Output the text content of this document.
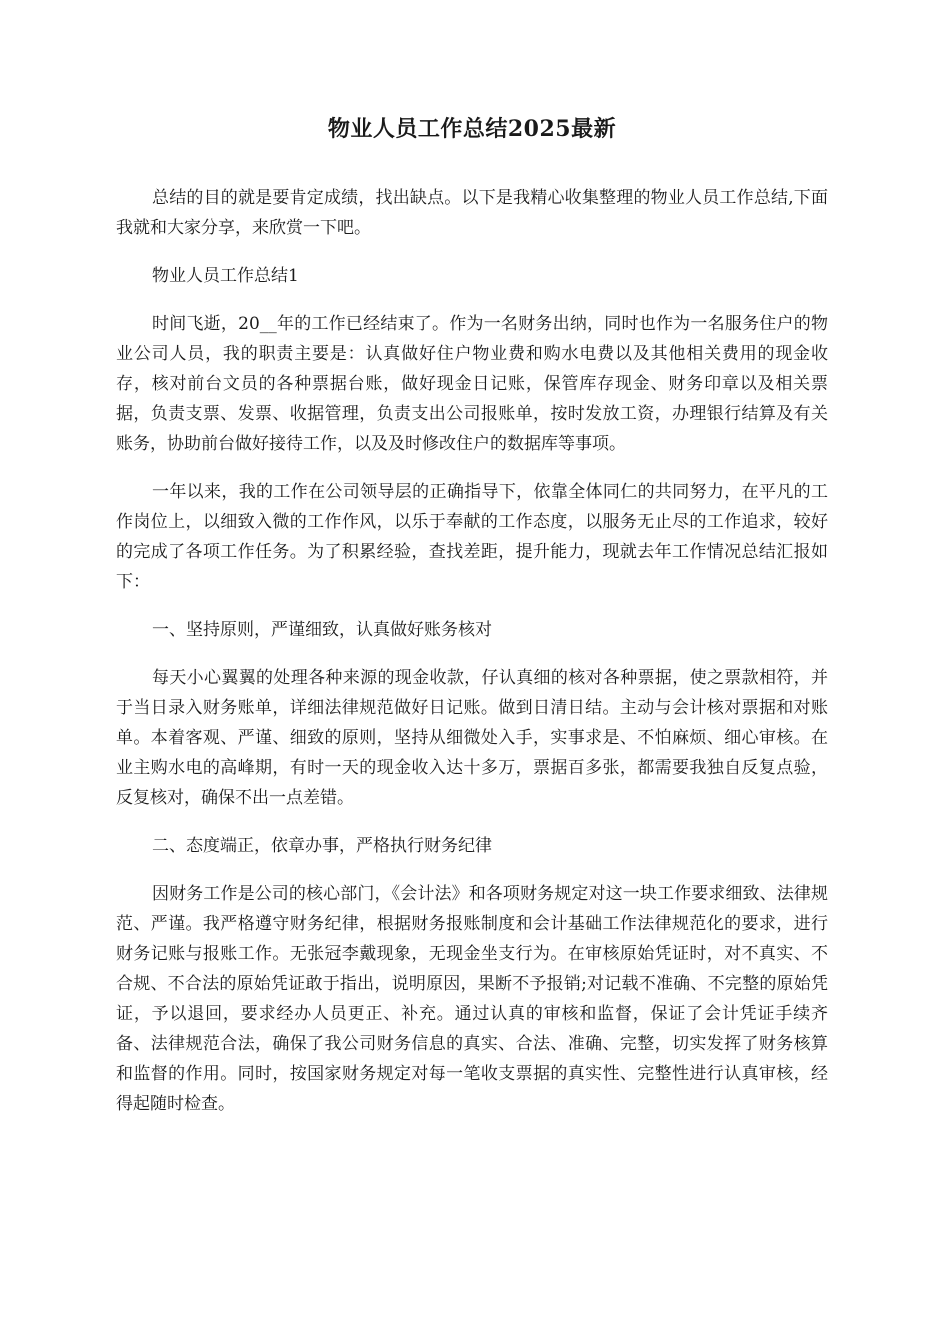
物业人员工作总结2025最新

总结的目的就是要肯定成绩，找出缺点。以下是我精心收集整理的物业人员工作总结,下面我就和大家分享，来欣赏一下吧。

物业人员工作总结1

时间飞逝，20__年的工作已经结束了。作为一名财务出纳，同时也作为一名服务住户的物业公司人员，我的职责主要是：认真做好住户物业费和购水电费以及其他相关费用的现金收存，核对前台文员的各种票据台账，做好现金日记账，保管库存现金、财务印章以及相关票据，负责支票、发票、收据管理，负责支出公司报账单，按时发放工资，办理银行结算及有关账务，协助前台做好接待工作，以及及时修改住户的数据库等事项。

一年以来，我的工作在公司领导层的正确指导下，依靠全体同仁的共同努力，在平凡的工作岗位上，以细致入微的工作作风，以乐于奉献的工作态度，以服务无止尽的工作追求，较好的完成了各项工作任务。为了积累经验，查找差距，提升能力，现就去年工作情况总结汇报如下：

一、坚持原则，严谨细致，认真做好账务核对

每天小心翼翼的处理各种来源的现金收款，仔认真细的核对各种票据，使之票款相符，并于当日录入财务账单，详细法律规范做好日记账。做到日清日结。主动与会计核对票据和对账单。本着客观、严谨、细致的原则，坚持从细微处入手，实事求是、不怕麻烦、细心审核。在业主购水电的高峰期，有时一天的现金收入达十多万，票据百多张，都需要我独自反复点验，反复核对，确保不出一点差错。

二、态度端正，依章办事，严格执行财务纪律

因财务工作是公司的核心部门，《会计法》和各项财务规定对这一块工作要求细致、法律规范、严谨。我严格遵守财务纪律，根据财务报账制度和会计基础工作法律规范化的要求，进行财务记账与报账工作。无张冠李戴现象，无现金坐支行为。在审核原始凭证时，对不真实、不合规、不合法的原始凭证敢于指出，说明原因，果断不予报销;对记载不准确、不完整的原始凭证，予以退回，要求经办人员更正、补充。通过认真的审核和监督，保证了会计凭证手续齐备、法律规范合法，确保了我公司财务信息的真实、合法、准确、完整，切实发挥了财务核算和监督的作用。同时，按国家财务规定对每一笔收支票据的真实性、完整性进行认真审核，经得起随时检查。
